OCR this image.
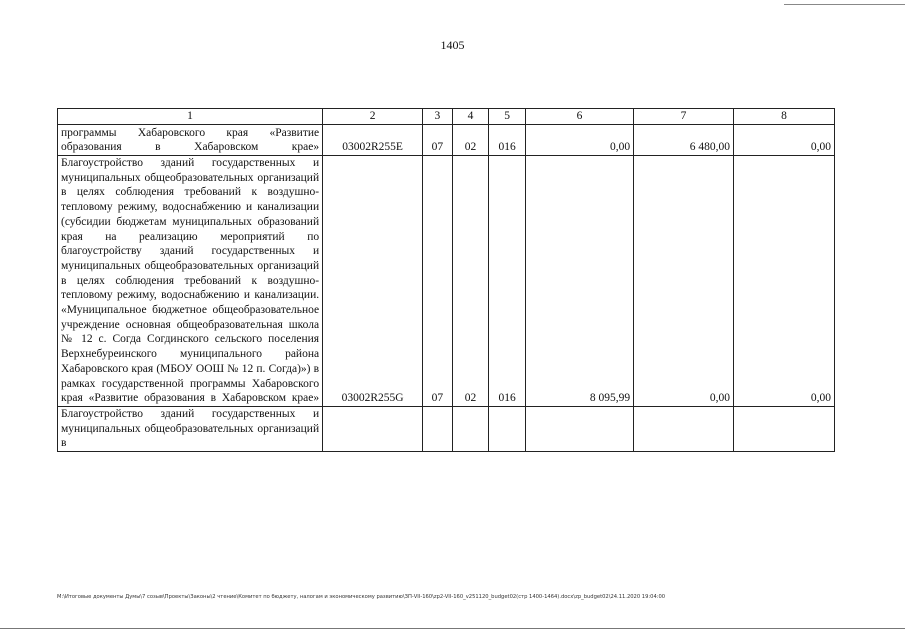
1405
1	2	3	4	5	6	7	8
программы Хабаровского края «Развитие образования в Хабаровском крае»	03002R255E	07	02	016	0,00	6 480,00	0,00
Благоустройство зданий государственных и муниципальных общеобразовательных организаций в целях соблюдения требований к воздушно-тепловому режиму, водоснабжению и канализации (субсидии бюджетам муниципальных образований края на реализацию мероприятий по благоустройству зданий государственных и муниципальных общеобразовательных организаций в целях соблюдения требований к воздушно-тепловому режиму, водоснабжению и канализации. «Муниципальное бюджетное общеобразовательное учреждение основная общеобразовательная школа № 12 с. Согда Согдинского сельского поселения Верхнебуреинского муниципального района Хабаровского края (МБОУ ООШ № 12 п. Согда)») в рамках государственной программы Хабаровского края «Развитие образования в Хабаровском крае»	03002R255G	07	02	016	8 095,99	0,00	0,00
Благоустройство зданий государственных и муниципальных общеобразовательных организаций в							
M:\Итоговые документы Думы\7 созыв\Проекты\Законы\2 чтение\Комитет по бюджету, налогам и экономическому развитию\ЗП-VII-160\zp2-VII-160_v251120_budget02(стр 1400-1464).docx\zp_budget02\24.11.2020 19:04:00
